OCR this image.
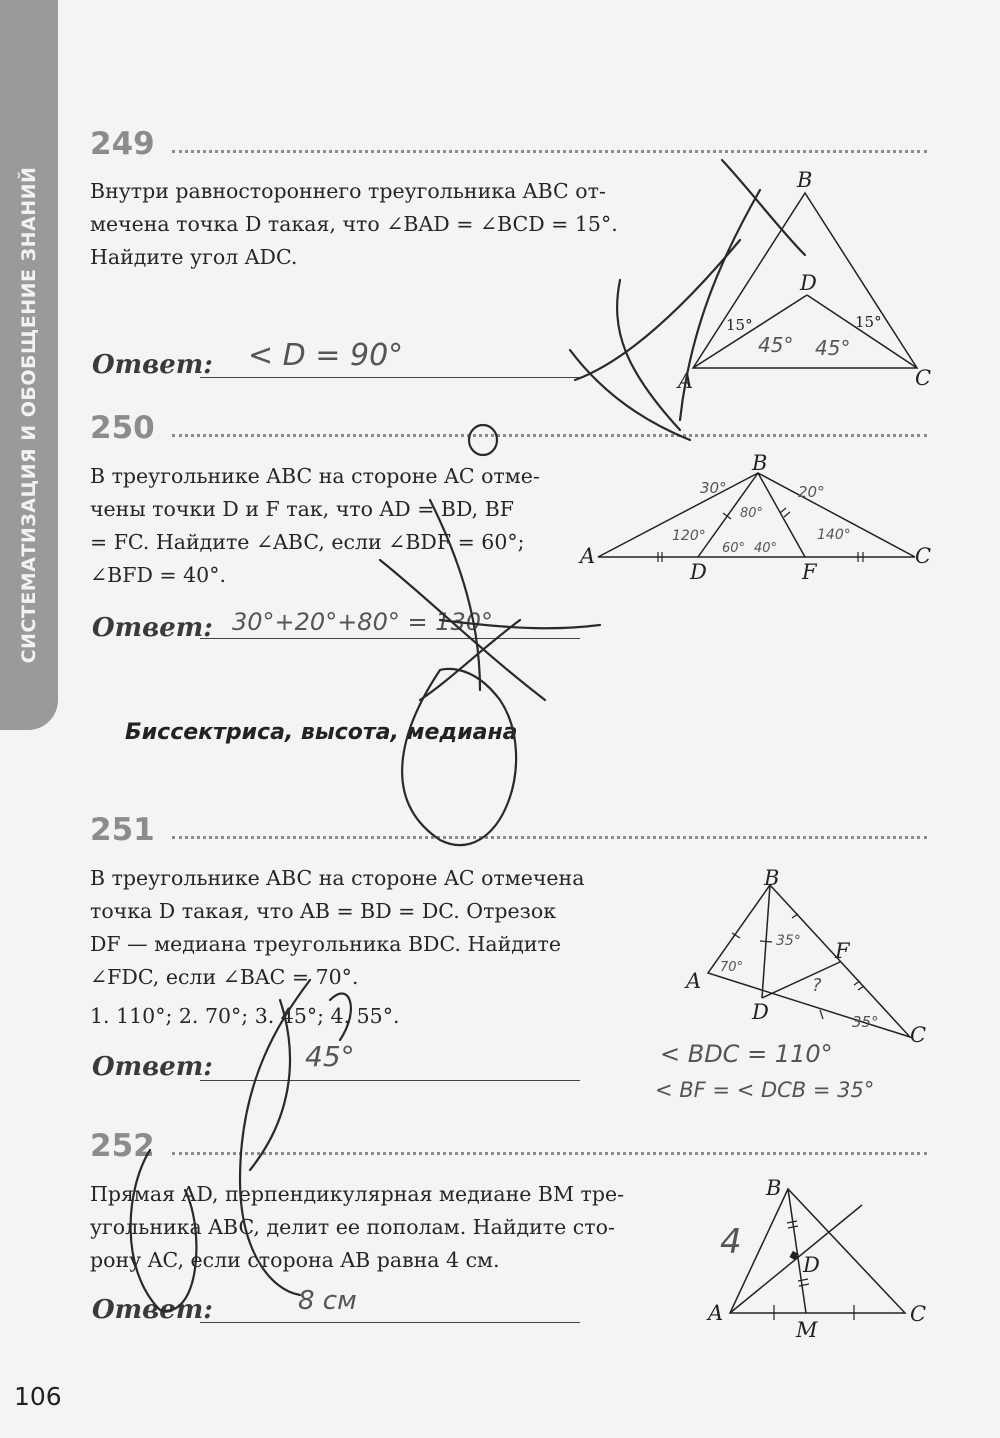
СИСТЕМАТИЗАЦИЯ И ОБОБЩЕНИЕ ЗНАНИЙ
249
Внутри равностороннего треугольника ABC от-
мечена точка D такая, что ∠BAD = ∠BCD = 15°.
Найдите угол ADC.
Ответ: < D = 90°
B
D
A	C
15°	15°
45° 45°
250
В треугольнике ABC на стороне AC отме-
чены точки D и F так, что AD = BD, BF
= FC. Найдите ∠ABC, если ∠BDF = 60°;
∠BFD = 40°.
Ответ: 30°+20°+80° = 130°
B
A
D	F
C
30°	20°
80°
120°
60° 40°
140°
Биссектриса, высота, медиана
251
В треугольнике ABC на стороне AC отмечена
точка D такая, что AB = BD = DC. Отрезок
DF — медиана треугольника BDC. Найдите
∠FDC, если ∠BAC = 70°.
1. 110°; 2. 70°; 3. 45°; 4. 55°.
Ответ:	45°	< BDC = 110°
< BF = < DCB = 35°
B
F
A
D
C
70°
35°
?
35°
252
Прямая AD, перпендикулярная медиане BM тре-
угольника ABC, делит ее пополам. Найдите сто-
рону AC, если сторона AB равна 4 см.
Ответ:	8 см
B
D
A
M
C
4
106
